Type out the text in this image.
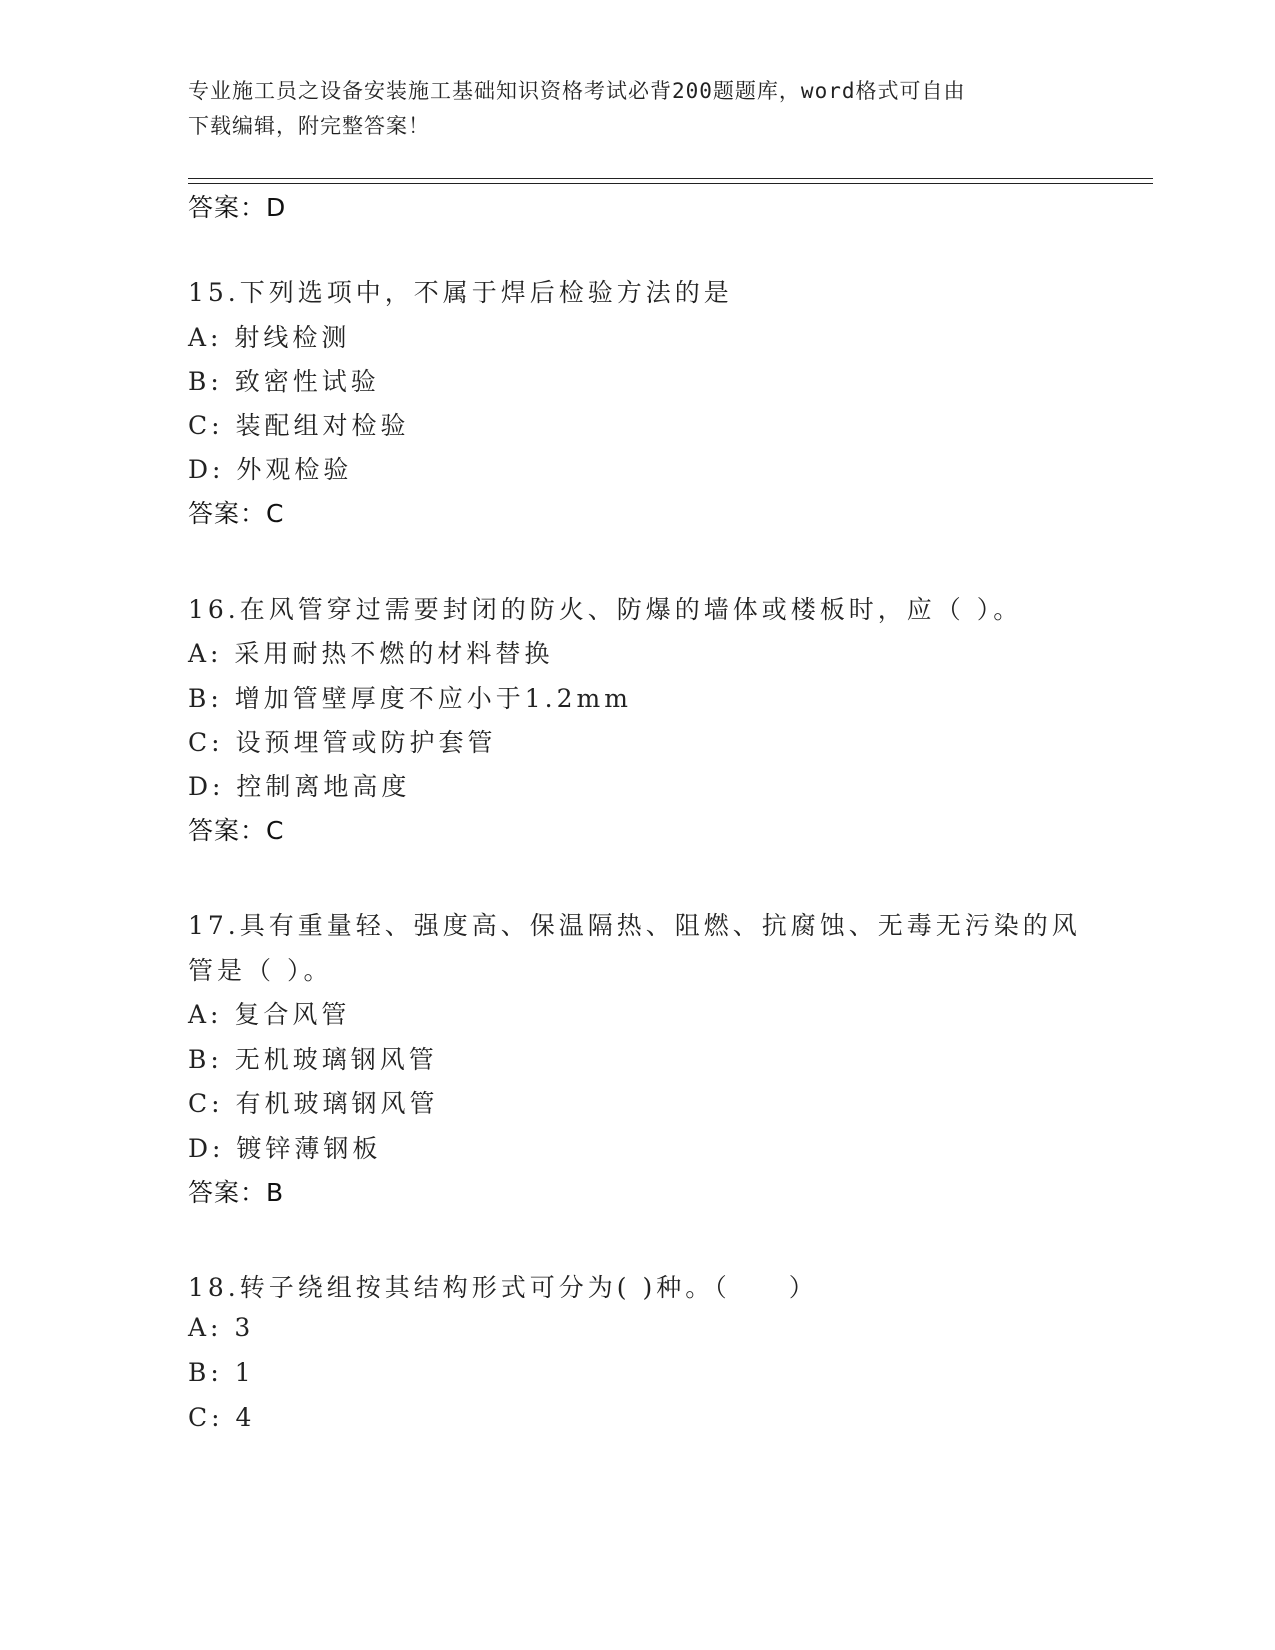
专业施工员之设备安装施工基础知识资格考试必背200题题库，word格式可自由
下载编辑，附完整答案！
答案：D
15.下列选项中，不属于焊后检验方法的是
A: 射线检测
B: 致密性试验
C: 装配组对检验
D: 外观检验
答案：C
16.在风管穿过需要封闭的防火、防爆的墙体或楼板时，应（ ）。
A: 采用耐热不燃的材料替换
B: 增加管壁厚度不应小于1.2mm
C: 设预埋管或防护套管
D: 控制离地高度
答案：C
17.具有重量轻、强度高、保温隔热、阻燃、抗腐蚀、无毒无污染的风
管是（ ）。
A: 复合风管
B: 无机玻璃钢风管
C: 有机玻璃钢风管
D: 镀锌薄钢板
答案：B
18.转子绕组按其结构形式可分为( )种。（　　）
A: 3
B: 1
C: 4
